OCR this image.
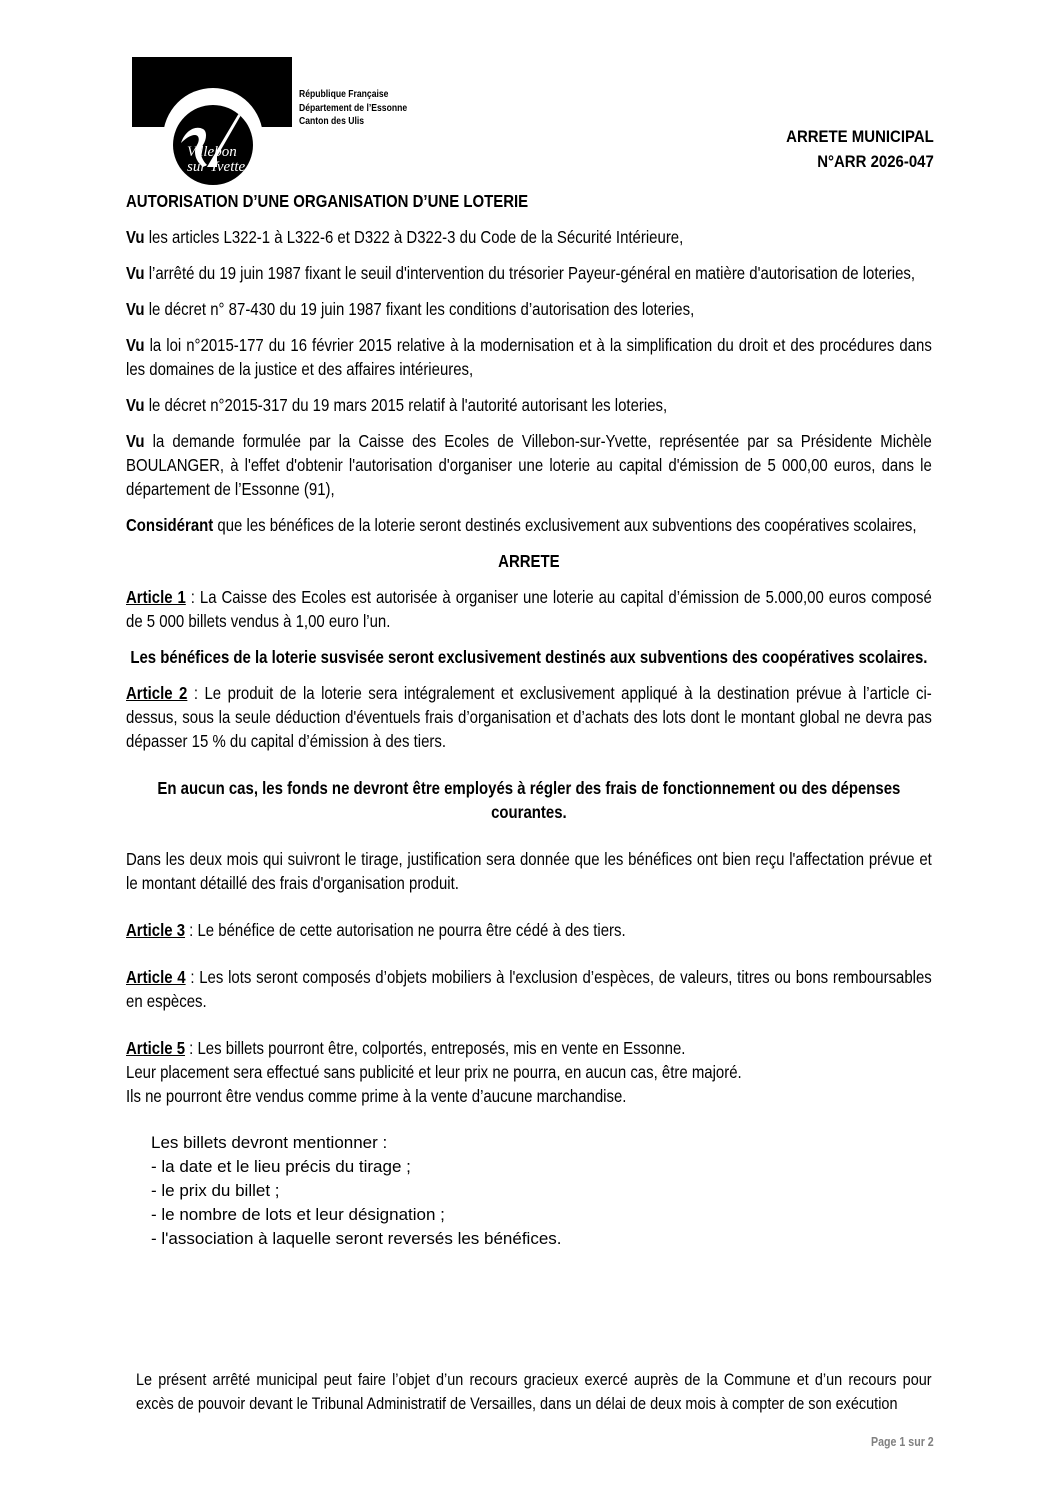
Villebon sur Yvette
République Française
Département de l’Essonne
Canton des Ulis
ARRETE MUNICIPAL
N°ARR 2026-047

AUTORISATION D’UNE ORGANISATION D’UNE LOTERIE

Vu les articles L322-1 à L322-6 et D322 à D322-3 du Code de la Sécurité Intérieure,

Vu l’arrêté du 19 juin 1987 fixant le seuil d'intervention du trésorier Payeur-général en matière d'autorisation de loteries,

Vu le décret n° 87-430 du 19 juin 1987 fixant les conditions d’autorisation des loteries,

Vu la loi n°2015-177 du 16 février 2015 relative à la modernisation et à la simplification du droit et des procédures dans les domaines de la justice et des affaires intérieures,

Vu le décret n°2015-317 du 19 mars 2015 relatif à l'autorité autorisant les loteries,

Vu la demande formulée par la Caisse des Ecoles de Villebon-sur-Yvette, représentée par sa Présidente Michèle BOULANGER, à l'effet d'obtenir l'autorisation d'organiser une loterie au capital d'émission de 5 000,00 euros, dans le département de l’Essonne (91),

Considérant que les bénéfices de la loterie seront destinés exclusivement aux subventions des coopératives scolaires,

ARRETE

Article 1 : La Caisse des Ecoles est autorisée à organiser une loterie au capital d’émission de 5.000,00 euros composé de 5 000 billets vendus à 1,00 euro l’un.

Les bénéfices de la loterie susvisée seront exclusivement destinés aux subventions des coopératives scolaires.

Article 2 : Le produit de la loterie sera intégralement et exclusivement appliqué à la destination prévue à l’article ci-dessus, sous la seule déduction d'éventuels frais d’organisation et d’achats des lots dont le montant global ne devra pas dépasser 15 % du capital d’émission à des tiers.

En aucun cas, les fonds ne devront être employés à régler des frais de fonctionnement ou des dépenses courantes.

Dans les deux mois qui suivront le tirage, justification sera donnée que les bénéfices ont bien reçu l'affectation prévue et le montant détaillé des frais d'organisation produit.

Article 3 : Le bénéfice de cette autorisation ne pourra être cédé à des tiers.

Article 4 : Les lots seront composés d’objets mobiliers à l'exclusion d’espèces, de valeurs, titres ou bons remboursables en espèces.

Article 5 : Les billets pourront être, colportés, entreposés, mis en vente en Essonne.

Leur placement sera effectué sans publicité et leur prix ne pourra, en aucun cas, être majoré.

Ils ne pourront être vendus comme prime à la vente d’aucune marchandise.

Les billets devront mentionner :

- la date et le lieu précis du tirage ;

- le prix du billet ;

- le nombre de lots et leur désignation ;

- l'association à laquelle seront reversés les bénéfices.

Le présent arrêté municipal peut faire l’objet d’un recours gracieux exercé auprès de la Commune et d’un recours pour excès de pouvoir devant le Tribunal Administratif de Versailles, dans un délai de deux mois à compter de son exécution

Page 1 sur 2
